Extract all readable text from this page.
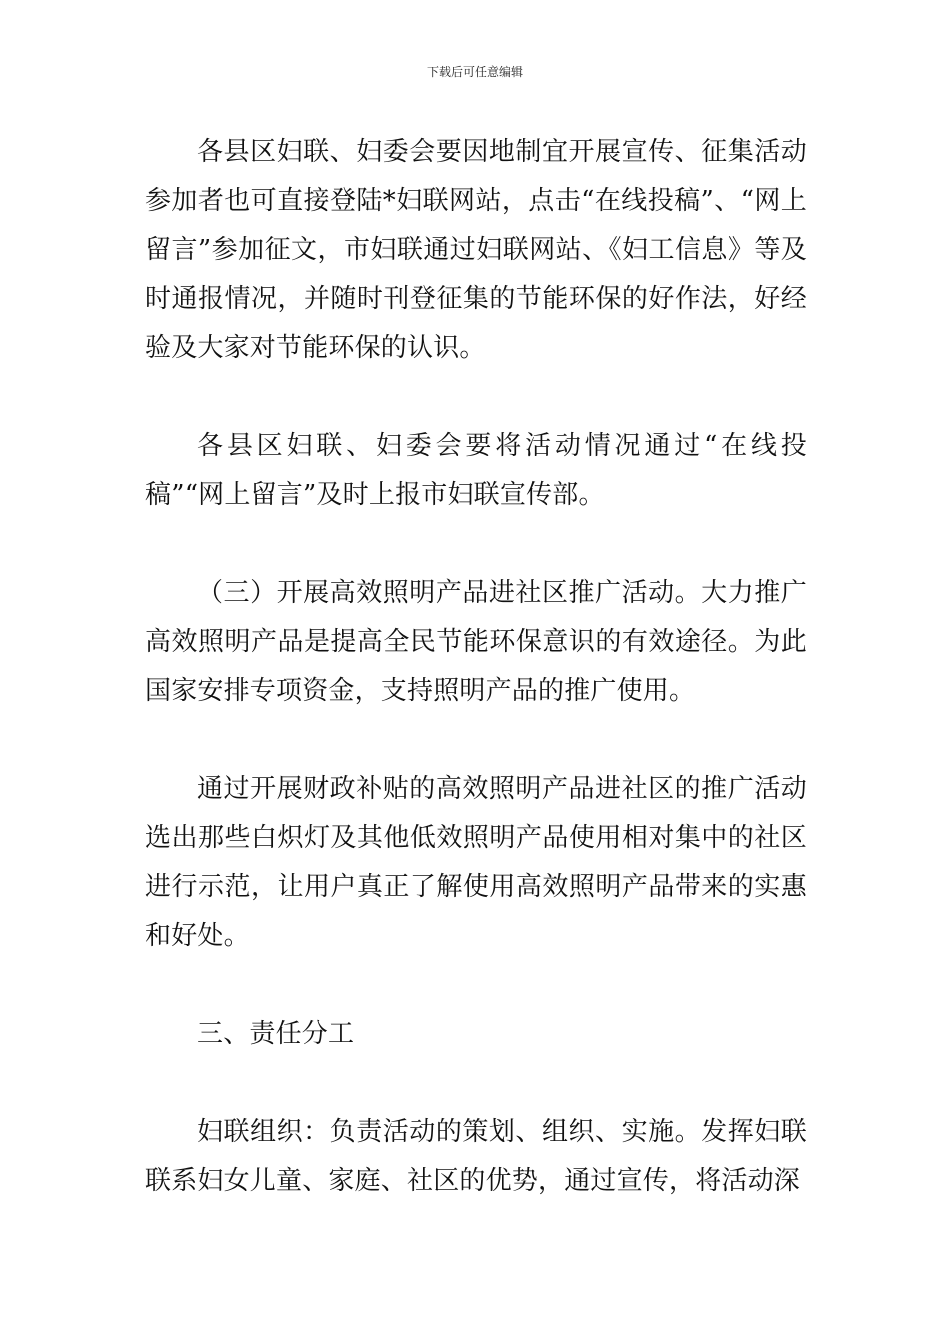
下载后可任意编辑

各县区妇联、妇委会要因地制宜开展宣传、征集活动参加者也可直接登陆*妇联网站，点击“在线投稿”、“网上留言”参加征文，市妇联通过妇联网站、《妇工信息》等及时通报情况，并随时刊登征集的节能环保的好作法，好经验及大家对节能环保的认识。

各县区妇联、妇委会要将活动情况通过“在线投稿”“网上留言”及时上报市妇联宣传部。

（三）开展高效照明产品进社区推广活动。大力推广高效照明产品是提高全民节能环保意识的有效途径。为此国家安排专项资金，支持照明产品的推广使用。

通过开展财政补贴的高效照明产品进社区的推广活动选出那些白炽灯及其他低效照明产品使用相对集中的社区进行示范，让用户真正了解使用高效照明产品带来的实惠和好处。

三、责任分工

妇联组织：负责活动的策划、组织、实施。发挥妇联联系妇女儿童、家庭、社区的优势，通过宣传，将活动深
